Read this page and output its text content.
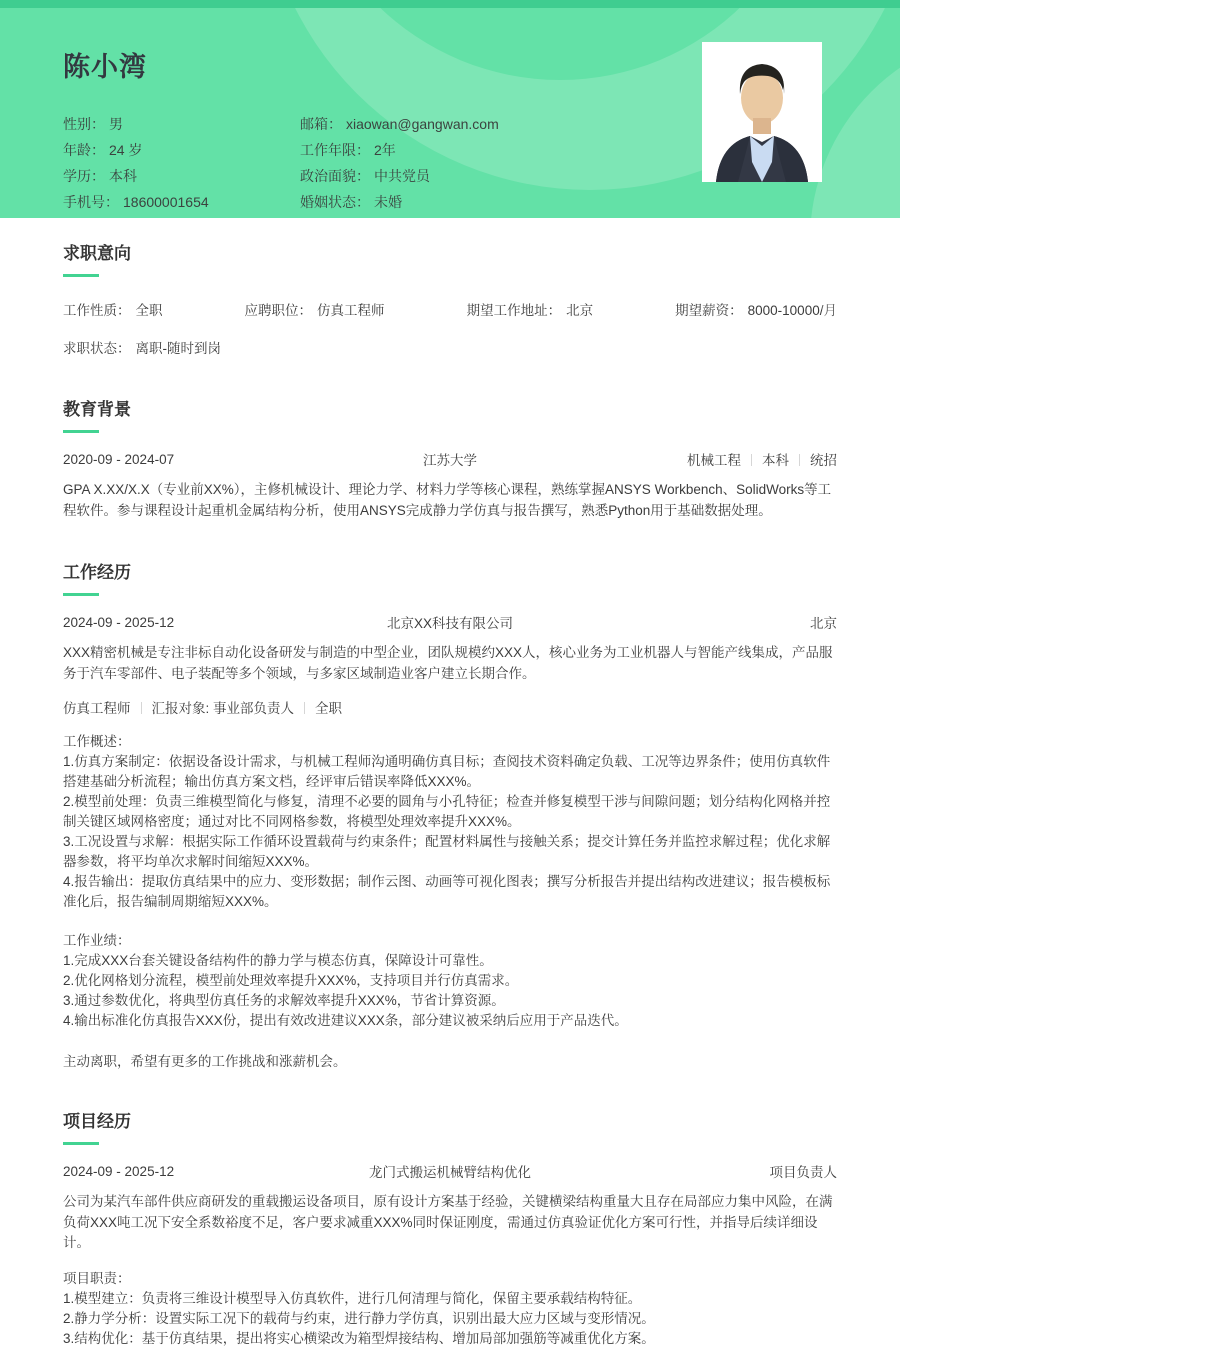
陈小湾
性别： 男
年龄： 24 岁
学历： 本科
手机号： 18600001654
邮箱： xiaowan@gangwan.com
工作年限： 2年
政治面貌： 中共党员
婚姻状态： 未婚
求职意向
工作性质： 全职	应聘职位： 仿真工程师	期望工作地址： 北京	期望薪资： 8000-10000/月
求职状态： 离职-随时到岗
教育背景
2020-09 - 2024-07	江苏大学	机械工程 本科 统招
GPA X.XX/X.X（专业前XX%），主修机械设计、理论力学、材料力学等核心课程，熟练掌握ANSYS Workbench、SolidWorks等工程软件。参与课程设计起重机金属结构分析，使用ANSYS完成静力学仿真与报告撰写，熟悉Python用于基础数据处理。
工作经历
2024-09 - 2025-12	北京XX科技有限公司	北京
XXX精密机械是专注非标自动化设备研发与制造的中型企业，团队规模约XXX人，核心业务为工业机器人与智能产线集成，产品服务于汽车零部件、电子装配等多个领域，与多家区域制造业客户建立长期合作。
仿真工程师 汇报对象: 事业部负责人 全职
工作概述：
1.仿真方案制定：依据设备设计需求，与机械工程师沟通明确仿真目标；查阅技术资料确定负载、工况等边界条件；使用仿真软件搭建基础分析流程；输出仿真方案文档，经评审后错误率降低XXX%。
2.模型前处理：负责三维模型简化与修复，清理不必要的圆角与小孔特征；检查并修复模型干涉与间隙问题；划分结构化网格并控制关键区域网格密度；通过对比不同网格参数，将模型处理效率提升XXX%。
3.工况设置与求解：根据实际工作循环设置载荷与约束条件；配置材料属性与接触关系；提交计算任务并监控求解过程；优化求解器参数，将平均单次求解时间缩短XXX%。
4.报告输出：提取仿真结果中的应力、变形数据；制作云图、动画等可视化图表；撰写分析报告并提出结构改进建议；报告模板标准化后，报告编制周期缩短XXX%。
工作业绩：
1.完成XXX台套关键设备结构件的静力学与模态仿真，保障设计可靠性。
2.优化网格划分流程，模型前处理效率提升XXX%，支持项目并行仿真需求。
3.通过参数优化，将典型仿真任务的求解效率提升XXX%，节省计算资源。
4.输出标准化仿真报告XXX份，提出有效改进建议XXX条，部分建议被采纳后应用于产品迭代。
主动离职，希望有更多的工作挑战和涨薪机会。
项目经历
2024-09 - 2025-12	龙门式搬运机械臂结构优化	项目负责人
公司为某汽车部件供应商研发的重载搬运设备项目，原有设计方案基于经验，关键横梁结构重量大且存在局部应力集中风险，在满负荷XXX吨工况下安全系数裕度不足，客户要求减重XXX%同时保证刚度，需通过仿真验证优化方案可行性，并指导后续详细设计。
项目职责：
1.模型建立：负责将三维设计模型导入仿真软件，进行几何清理与简化，保留主要承载结构特征。
2.静力学分析：设置实际工况下的载荷与约束，进行静力学仿真，识别出最大应力区域与变形情况。
3.结构优化：基于仿真结果，提出将实心横梁改为箱型焊接结构、增加局部加强筋等减重优化方案。
